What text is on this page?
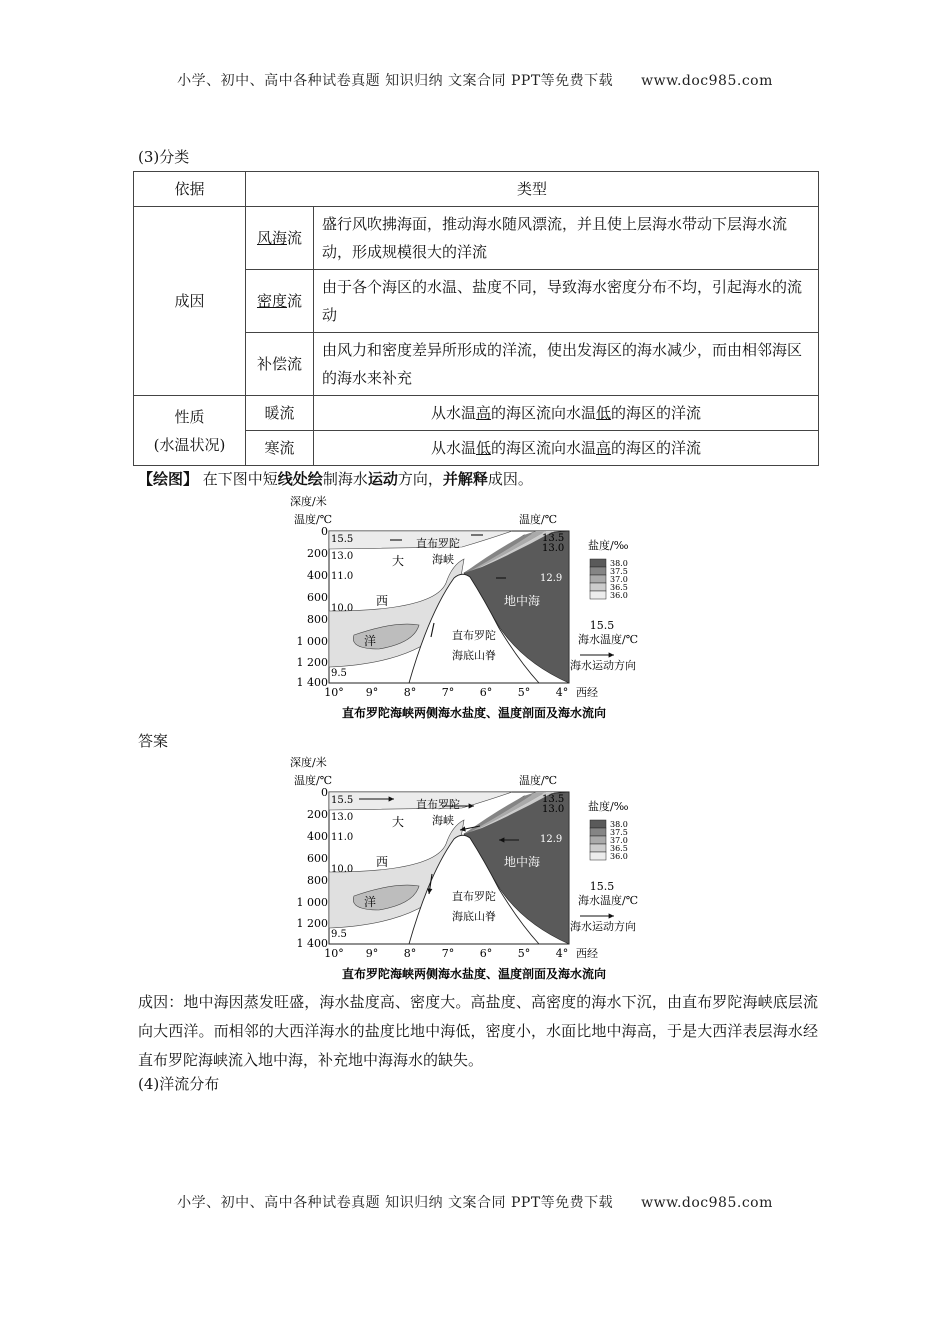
小学、初中、高中各种试卷真题 知识归纳 文案合同 PPT等免费下载 www.doc985.com
(3)分类
依据	类型	
成因	风海流	盛行风吹拂海面，推动海水随风漂流，并且使上层海水带动下层海水流动，形成规模很大的洋流
	密度流	由于各个海区的水温、盐度不同，导致海水密度分布不均，引起海水的流动
	补偿流	由风力和密度差异所形成的洋流，使出发海区的海水减少，而由相邻海区的海水来补充
性质
(水温状况)	暖流	从水温高的海区流向水温低的海区的洋流
	寒流	从水温低的海区流向水温高的海区的洋流
【绘图】 在下图中短线处绘制海水运动方向，并解释成因。
深度/米
温度/℃	温度/℃
0
200
400
600
800
1 000
1 200
1 400
15.5
13.0
11.0
10.0
9.5
13.5
13.0
12.9
10° 9° 8° 7° 6° 5° 4° 西经
大
西
洋
直布罗陀
海峡
直布罗陀
海底山脊
地中海
盐度/‰
38.0
37.5
37.0
36.5
36.0
15.5
海水温度/℃
海水运动方向
直布罗陀海峡两侧海水盐度、温度剖面及海水流向
答案
深度/米
温度/℃	温度/℃
0
200
400
600
800
1 000
1 200
1 400
15.5
13.0
11.0
10.0
9.5
13.5
13.0
12.9
10° 9° 8° 7° 6° 5° 4° 西经
大
西
洋
直布罗陀
海峡
直布罗陀
海底山脊
地中海
盐度/‰
38.0
37.5
37.0
36.5
36.0
15.5
海水温度/℃
海水运动方向
直布罗陀海峡两侧海水盐度、温度剖面及海水流向
成因：地中海因蒸发旺盛，海水盐度高、密度大。高盐度、高密度的海水下沉，由直布罗陀海峡底层流向大西洋。而相邻的大西洋海水的盐度比地中海低，密度小，水面比地中海高，于是大西洋表层海水经直布罗陀海峡流入地中海，补充地中海海水的缺失。
(4)洋流分布
小学、初中、高中各种试卷真题 知识归纳 文案合同 PPT等免费下载 www.doc985.com
